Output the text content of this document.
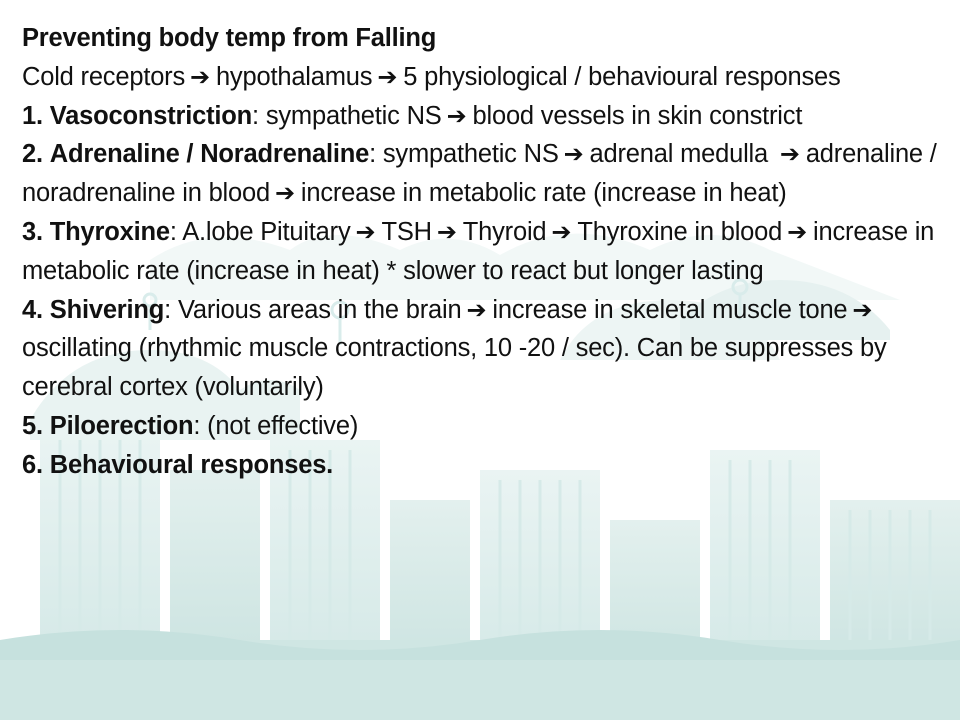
Preventing body temp from Falling

Cold receptors ➔ hypothalamus ➔ 5 physiological / behavioural responses

1. Vasoconstriction: sympathetic NS ➔ blood vessels in skin constrict

2. Adrenaline / Noradrenaline: sympathetic NS ➔ adrenal medulla ➔ adrenaline / noradrenaline in blood ➔ increase in metabolic rate (increase in heat)

3. Thyroxine: A.lobe Pituitary ➔ TSH ➔ Thyroid ➔ Thyroxine in blood ➔ increase in metabolic rate (increase in heat) * slower to react but longer lasting

4. Shivering: Various areas in the brain ➔ increase in skeletal muscle tone ➔oscillating (rhythmic muscle contractions, 10 -20 / sec). Can be suppresses by cerebral cortex (voluntarily)

5. Piloerection: (not effective)

6. Behavioural responses.
